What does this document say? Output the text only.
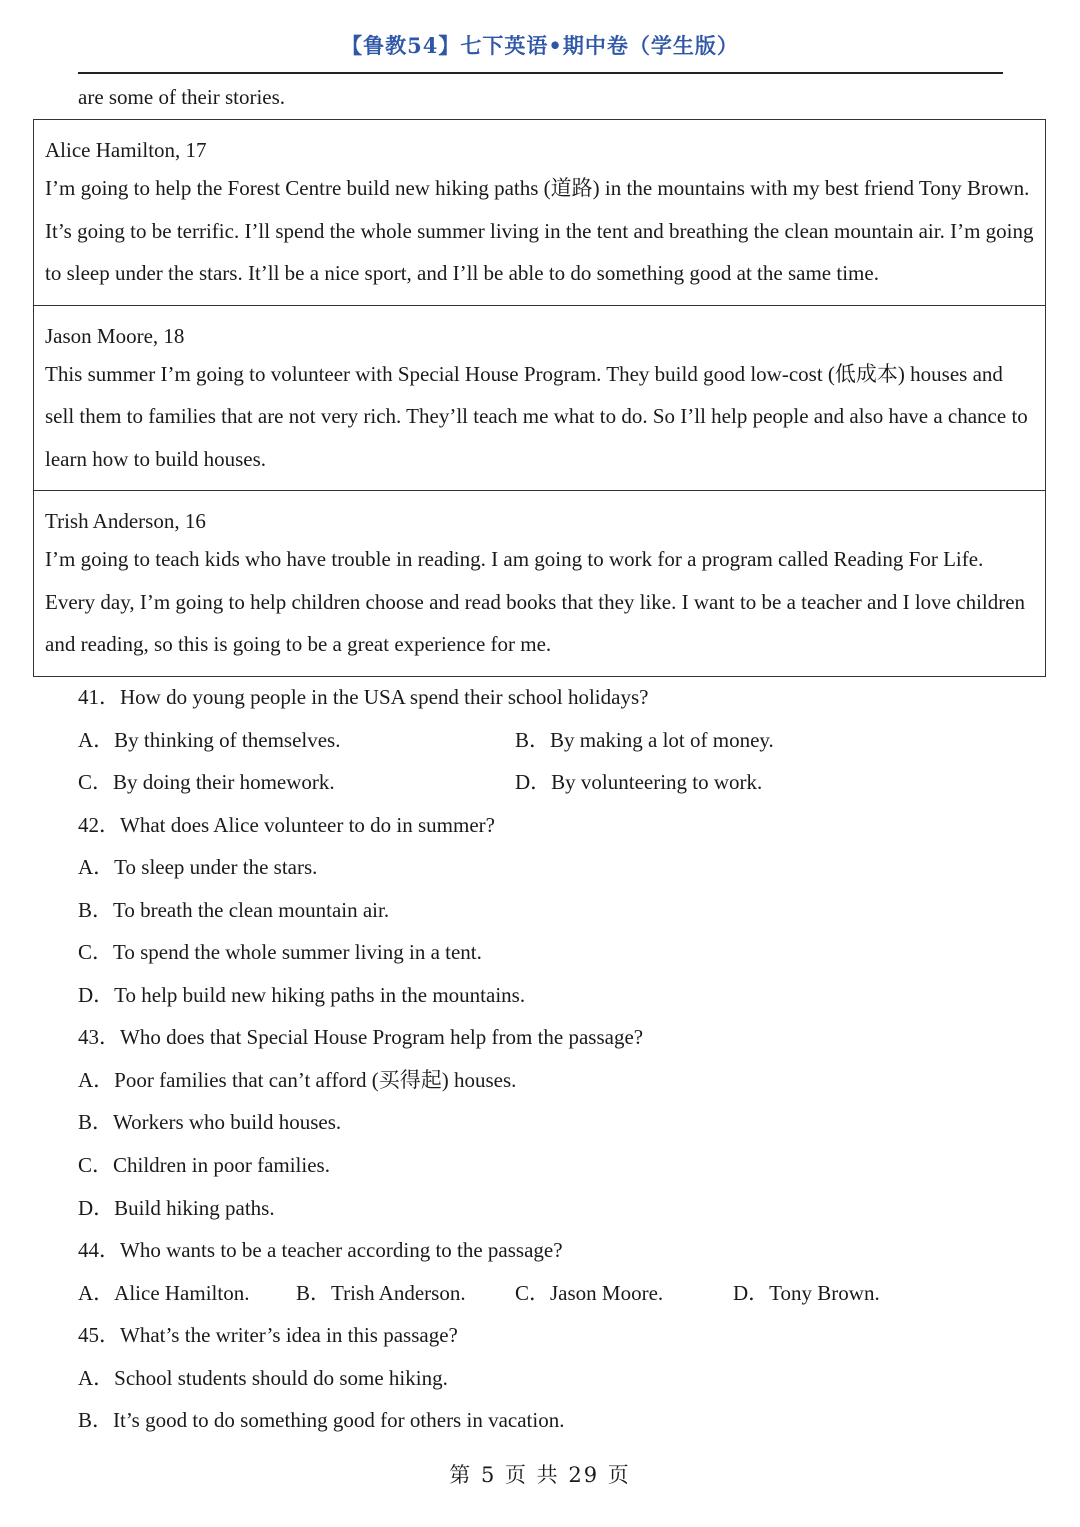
【鲁教54】七下英语•期中卷（学生版）
are some of their stories.

Alice Hamilton, 17

I’m going to help the Forest Centre build new hiking paths (道路) in the mountains with my best friend Tony Brown. It’s going to be terrific. I’ll spend the whole summer living in the tent and breathing the clean mountain air. I’m going to sleep under the stars. It’ll be a nice sport, and I’ll be able to do something good at the same time.

Jason Moore, 18

This summer I’m going to volunteer with Special House Program. They build good low-cost (低成本) houses and sell them to families that are not very rich. They’ll teach me what to do. So I’ll help people and also have a chance to learn how to build houses.

Trish Anderson, 16

I’m going to teach kids who have trouble in reading. I am going to work for a program called Reading For Life. Every day, I’m going to help children choose and read books that they like. I want to be a teacher and I love children and reading, so this is going to be a great experience for me.

41．How do young people in the USA spend their school holidays?
A．By thinking of themselves.	B．By making a lot of money.
C．By doing their homework.	D．By volunteering to work.
42．What does Alice volunteer to do in summer?
A．To sleep under the stars.
B．To breath the clean mountain air.
C．To spend the whole summer living in a tent.
D．To help build new hiking paths in the mountains.
43．Who does that Special House Program help from the passage?
A．Poor families that can’t afford (买得起) houses.
B．Workers who build houses.
C．Children in poor families.
D．Build hiking paths.
44．Who wants to be a teacher according to the passage?
A．Alice Hamilton. B．Trish Anderson. C．Jason Moore.	D．Tony Brown.
45．What’s the writer’s idea in this passage?
A．School students should do some hiking.
B．It’s good to do something good for others in vacation.
第 5 页 共 29 页
